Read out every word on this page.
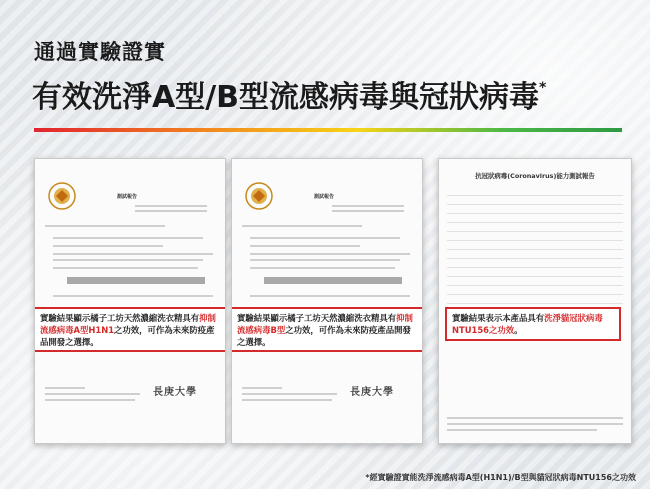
通過實驗證實
有效洗淨A型/B型流感病毒與冠狀病毒*
測試報告
實驗結果顯示橘子工坊天然濃縮洗衣精具有抑制流感病毒A型H1N1之功效，可作為未來防疫產品開發之選擇。
長庚大學
測試報告
實驗結果顯示橘子工坊天然濃縮洗衣精具有抑制流感病毒B型之功效，可作為未來防疫產品開發之選擇。
長庚大學
抗冠狀病毒(Coronavirus)能力測試報告
實驗結果表示本產品具有洗淨貓冠狀病毒
NTU156之功效。
*經實驗證實能洗淨流感病毒A型(H1N1)/B型與貓冠狀病毒NTU156之功效
